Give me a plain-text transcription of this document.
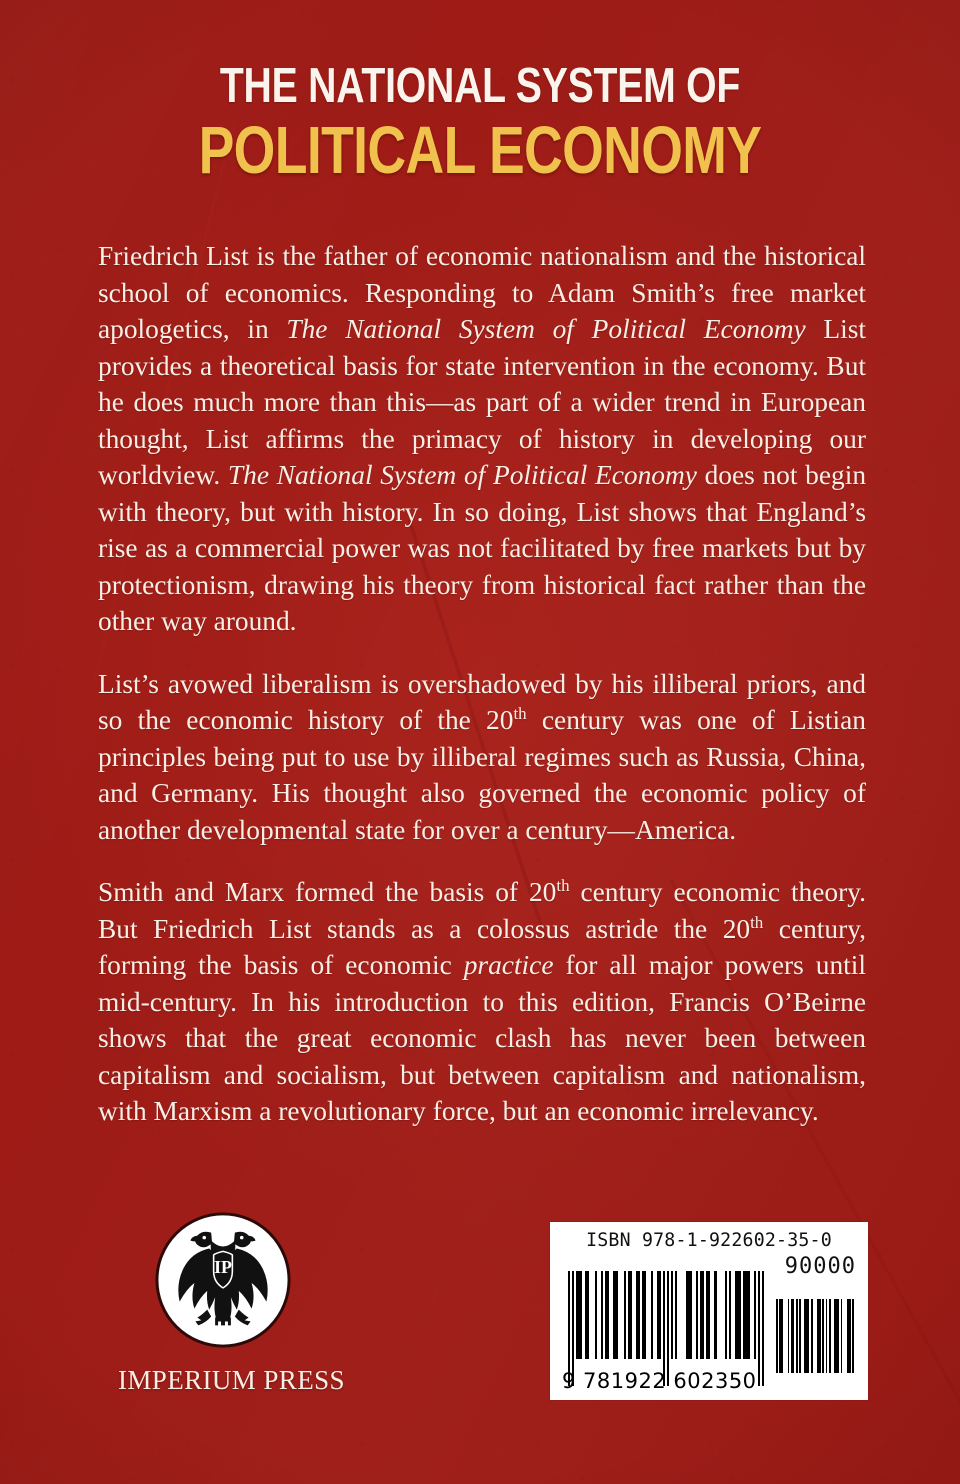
THE NATIONAL SYSTEM OF
POLITICAL ECONOMY

Friedrich List is the father of economic nationalism and the historical school of economics. Responding to Adam Smith’s free market apologetics, in The National System of Political Economy List provides a theoretical basis for state intervention in the economy. But he does much more than this—as part of a wider trend in European thought, List affirms the primacy of history in developing our worldview. The National System of Political Economy does not begin with theory, but with history. In so doing, List shows that England’s rise as a commercial power was not facilitated by free markets but by protectionism, drawing his theory from historical fact rather than the other way around.

List’s avowed liberalism is overshadowed by his illiberal priors, and so the economic history of the 20th century was one of Listian principles being put to use by illiberal regimes such as Russia, China, and Germany. His thought also governed the economic policy of another developmental state for over a century—America.

Smith and Marx formed the basis of 20th century economic theory. But Friedrich List stands as a colossus astride the 20th century, forming the basis of economic practice for all major powers until mid-century. In his introduction to this edition, Francis O’Beirne shows that the great economic clash has never been between capitalism and socialism, but between capitalism and nationalism, with Marxism a revolutionary force, but an economic irrelevancy.

IP
IMPERIUM PRESS
ISBN 978-1-922602-35-0
90000
9 781922 602350
